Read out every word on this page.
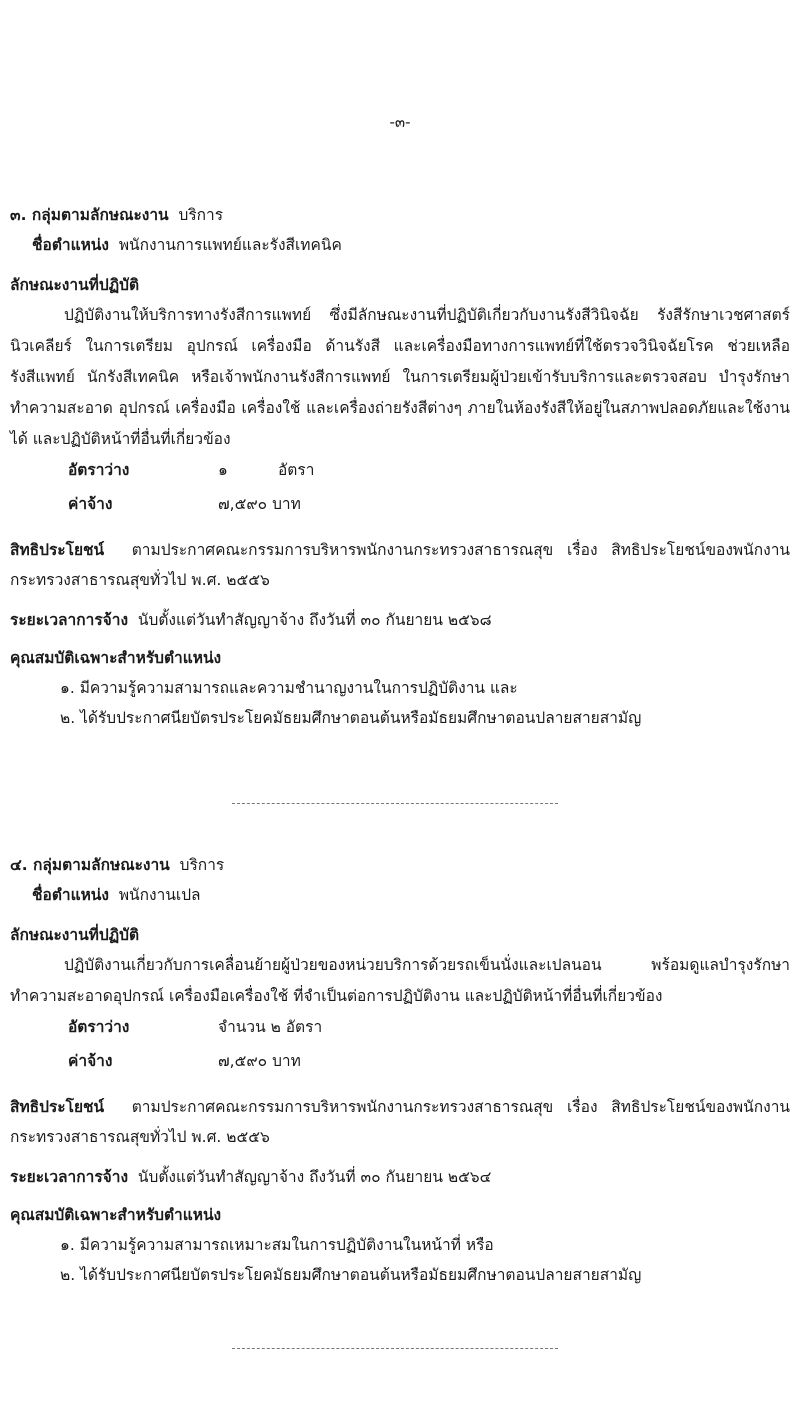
-๓-
๓. กลุ่มตามลักษณะงาน บริการ
ชื่อตำแหน่ง พนักงานการแพทย์และรังสีเทคนิค
ลักษณะงานที่ปฏิบัติ

ปฏิบัติงานให้บริการทางรังสีการแพทย์ ซึ่งมีลักษณะงานที่ปฏิบัติเกี่ยวกับงานรังสีวินิจฉัย รังสีรักษาเวชศาสตร์นิวเคลียร์ ในการเตรียม อุปกรณ์ เครื่องมือ ด้านรังสี และเครื่องมือทางการแพทย์ที่ใช้ตรวจวินิจฉัยโรค ช่วยเหลือรังสีแพทย์ นักรังสีเทคนิค หรือเจ้าพนักงานรังสีการแพทย์ ในการเตรียมผู้ป่วยเข้ารับบริการและตรวจสอบ บำรุงรักษาทำความสะอาด อุปกรณ์ เครื่องมือ เครื่องใช้ และเครื่องถ่ายรังสีต่างๆ ภายในห้องรังสีให้อยู่ในสภาพปลอดภัยและใช้งานได้ และปฏิบัติหน้าที่อื่นที่เกี่ยวข้อง

อัตราว่าง	๑	อัตรา
ค่าจ้าง	๗,๕๙๐
บาท
สิทธิประโยชน์ ตามประกาศคณะกรรมการบริหารพนักงานกระทรวงสาธารณสุข เรื่อง สิทธิประโยชน์ของพนักงานกระทรวงสาธารณสุขทั่วไป พ.ศ. ๒๕๕๖
ระยะเวลาการจ้าง นับตั้งแต่วันทำสัญญาจ้าง ถึงวันที่ ๓๐ กันยายน ๒๕๖๘
คุณสมบัติเฉพาะสำหรับตำแหน่ง
๑. มีความรู้ความสามารถและความชำนาญงานในการปฏิบัติงาน และ
๒. ได้รับประกาศนียบัตรประโยคมัธยมศึกษาตอนต้นหรือมัธยมศึกษาตอนปลายสายสามัญ
๔. กลุ่มตามลักษณะงาน บริการ
ชื่อตำแหน่ง พนักงานเปล
ลักษณะงานที่ปฏิบัติ

ปฏิบัติงานเกี่ยวกับการเคลื่อนย้ายผู้ป่วยของหน่วยบริการด้วยรถเข็นนั่งและเปลนอน พร้อมดูแลบำรุงรักษา ทำความสะอาดอุปกรณ์ เครื่องมือเครื่องใช้ ที่จำเป็นต่อการปฏิบัติงาน และปฏิบัติหน้าที่อื่นที่เกี่ยวข้อง

อัตราว่าง	จำนวน ๒ อัตรา
ค่าจ้าง	๗,๕๙๐
บาท
สิทธิประโยชน์ ตามประกาศคณะกรรมการบริหารพนักงานกระทรวงสาธารณสุข เรื่อง สิทธิประโยชน์ของพนักงานกระทรวงสาธารณสุขทั่วไป พ.ศ. ๒๕๕๖
ระยะเวลาการจ้าง นับตั้งแต่วันทำสัญญาจ้าง ถึงวันที่ ๓๐ กันยายน ๒๕๖๔
คุณสมบัติเฉพาะสำหรับตำแหน่ง
๑. มีความรู้ความสามารถเหมาะสมในการปฏิบัติงานในหน้าที่ หรือ
๒. ได้รับประกาศนียบัตรประโยคมัธยมศึกษาตอนต้นหรือมัธยมศึกษาตอนปลายสายสามัญ
